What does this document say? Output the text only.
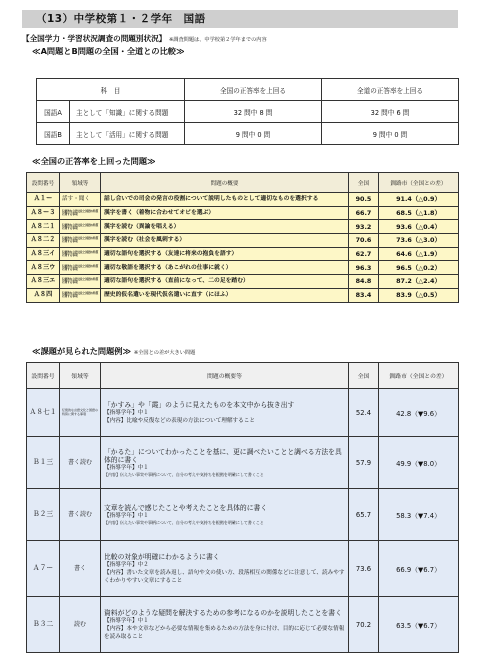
（13）中学校第１・２学年　国語
【全国学力・学習状況調査の問題別状況】 ※調査問題は、中学校第２学年までの内容
≪A問題とB問題の全国・全道との比較≫
科　目		全国の正答率を上回る	全道の正答率を上回る
国語A	主として「知識」に関する問題	32 問中 8 問	32 問中 6 問
国語B	主として「活用」に関する問題	9 問中 0 問	9 問中 0 問
≪全国の正答率を上回った問題≫
設問番号	領域等	問題の概要	全国	釧路市（全国との差）
Ａ１ー	話す・聞く	話し合いでの司会の発言の役割について説明したものとして適切なものを選択する	90.5	91.4（△0.9）
Ａ８ー３	伝統的な言語文化と国語の特質に関する事項	漢字を書く（着物に合わせてオビを選ぶ）	66.7	68.5（△1.8）
Ａ８二１	伝統的な言語文化と国語の特質に関する事項	漢字を読む（異論を唱える）	93.2	93.6（△0.4）
Ａ８二２	伝統的な言語文化と国語の特質に関する事項	漢字を読む（社会を風刺する）	70.6	73.6（△3.0）
Ａ８三イ	伝統的な言語文化と国語の特質に関する事項	適切な語句を選択する（友達に将来の抱負を語す）	62.7	64.6（△1.9）
Ａ８三ウ	伝統的な言語文化と国語の特質に関する事項	適切な敬語を選択する（あこがれの仕事に就く）	96.3	96.5（△0.2）
Ａ８三エ	伝統的な言語文化と国語の特質に関する事項	適切な語句を選択する（直前になって、二の足を踏む）	84.8	87.2（△2.4）
Ａ８四	伝統的な言語文化と国語の特質に関する事項	歴史的仮名遣いを現代仮名遣いに直す（にほふ）	83.4	83.9（△0.5）
≪課題が見られた問題例≫ ※全国との差が大きい問題
設問番号	領域等	問題の概要等	全国	釧路市（全国との差）
Ａ８七１	伝統的な言語文化と国語の特質に関する事項	「かすみ」や「霞」のように見えたものを本文中から抜き出す
【指導学年】中１
【内容】比喩や反復などの表現の方法について理解すること	52.4	42.8（▼9.6）
Ｂ１三	書く読む	「かるた」についてわかったことを基に、更に調べたいことと調べる方法を具体的に書く
【指導学年】中１
【内容】伝えたい事実や事柄について、自分の考えや気持ちを根拠を明確にして書くこと	57.9	49.9（▼8.0）
Ｂ２三	書く読む	文章を読んで感じたことや考えたことを具体的に書く
【指導学年】中１
【内容】伝えたい事実や事柄について、自分の考えや気持ちを根拠を明確にして書くこと	65.7	58.3（▼7.4）
Ａ７ー	書く	比較の対象が明確にわかるように書く
【指導学年】中２
【内容】書いた文章を読み返し、語句や文の使い方、段落相互の関係などに注意して、読みやすくわかりやすい文章にすること	73.6	66.9（▼6.7）
Ｂ３二	読む	資料がどのような疑問を解決するための参考になるのかを説明したことを書く
【指導学年】中１
【内容】本や文章などから必要な情報を集めるための方法を身に付け、目的に応じて必要な情報を読み取ること	70.2	63.5（▼6.7）
